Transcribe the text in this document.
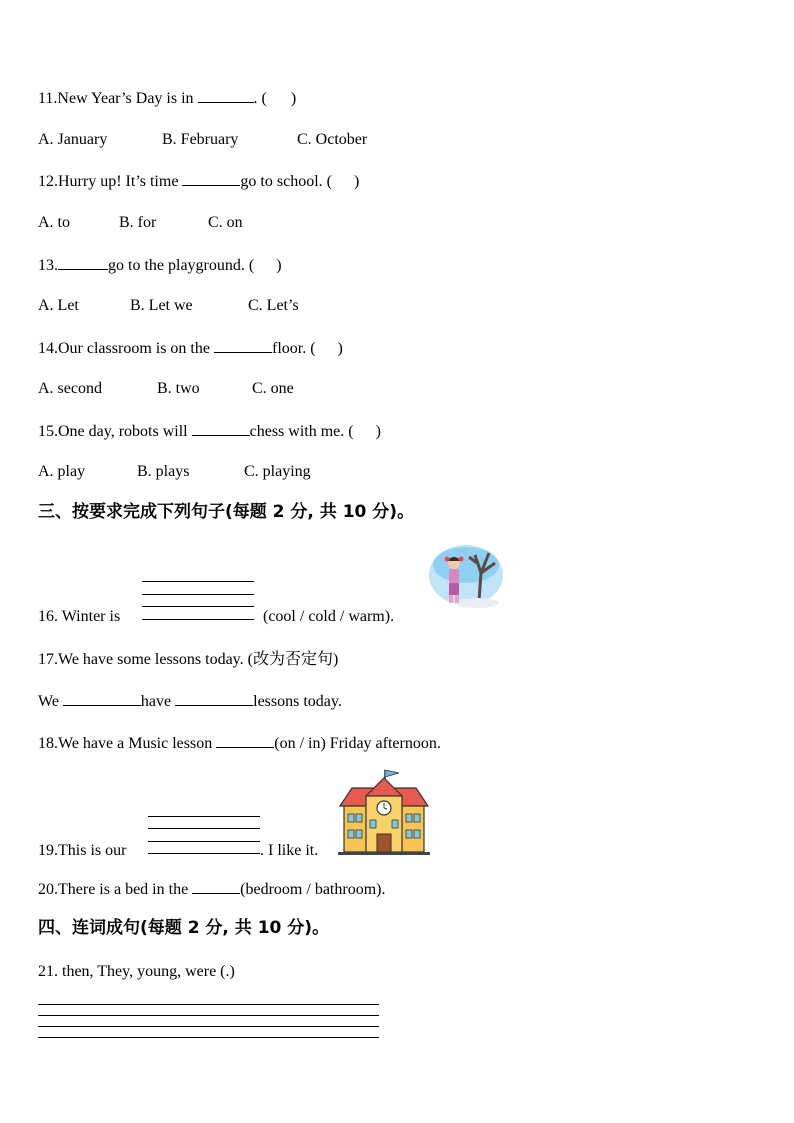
11.New Year’s Day is in	. ( )
A. January	B. February	C. October
12.Hurry up! It’s time	go to school. ( )
A. to	B. for	C. on
13.	go to the playground. ( )
A. Let	B. Let we	C. Let’s
14.Our classroom is on the	floor. ( )
A. second	B. two	C. one
15.One day, robots will	chess with me. ( )
A. play	B. plays	C. playing
三、按要求完成下列句子(每题 2 分, 共 10 分)。
16. Winter is	(cool / cold / warm).
17.We have some lessons today. (改为否定句)
We	have	lessons today.
18.We have a Music lesson	(on / in) Friday afternoon.
19.This is our	. I like it.
20.There is a bed in the	(bedroom / bathroom).
四、连词成句(每题 2 分, 共 10 分)。
21. then, They, young, were (.)
